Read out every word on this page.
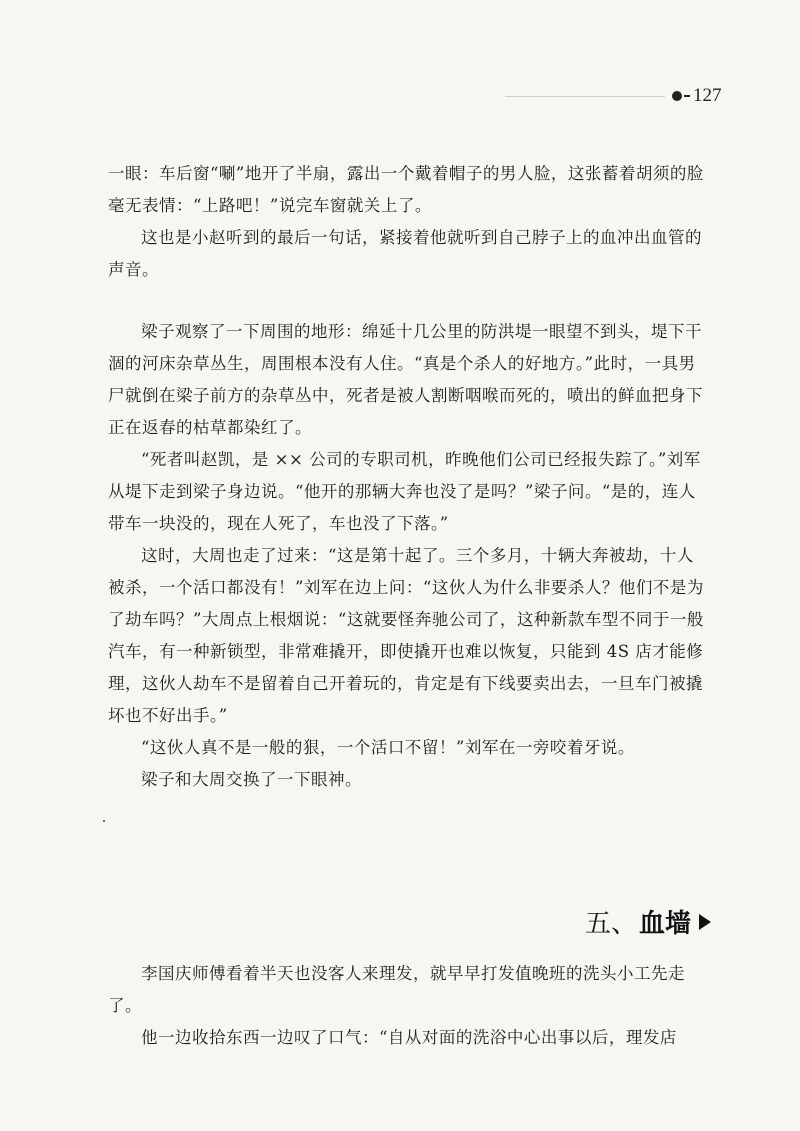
127

一眼：车后窗“唰”地开了半扇，露出一个戴着帽子的男人脸，这张蓄着胡须的脸毫无表情：“上路吧！”说完车窗就关上了。

这也是小赵听到的最后一句话，紧接着他就听到自己脖子上的血冲出血管的声音。

梁子观察了一下周围的地形：绵延十几公里的防洪堤一眼望不到头，堤下干涸的河床杂草丛生，周围根本没有人住。“真是个杀人的好地方。”此时，一具男尸就倒在梁子前方的杂草丛中，死者是被人割断咽喉而死的，喷出的鲜血把身下正在返春的枯草都染红了。

“死者叫赵凯，是 ×× 公司的专职司机，昨晚他们公司已经报失踪了。”刘军从堤下走到梁子身边说。“他开的那辆大奔也没了是吗？”梁子问。“是的，连人带车一块没的，现在人死了，车也没了下落。”

这时，大周也走了过来：“这是第十起了。三个多月，十辆大奔被劫，十人被杀，一个活口都没有！”刘军在边上问：“这伙人为什么非要杀人？他们不是为了劫车吗？”大周点上根烟说：“这就要怪奔驰公司了，这种新款车型不同于一般汽车，有一种新锁型，非常难撬开，即使撬开也难以恢复，只能到 4S 店才能修理，这伙人劫车不是留着自己开着玩的，肯定是有下线要卖出去，一旦车门被撬坏也不好出手。”

“这伙人真不是一般的狠，一个活口不留！”刘军在一旁咬着牙说。

梁子和大周交换了一下眼神。

五、 血墙

李国庆师傅看着半天也没客人来理发，就早早打发值晚班的洗头小工先走了。

他一边收拾东西一边叹了口气：“自从对面的洗浴中心出事以后，理发店
